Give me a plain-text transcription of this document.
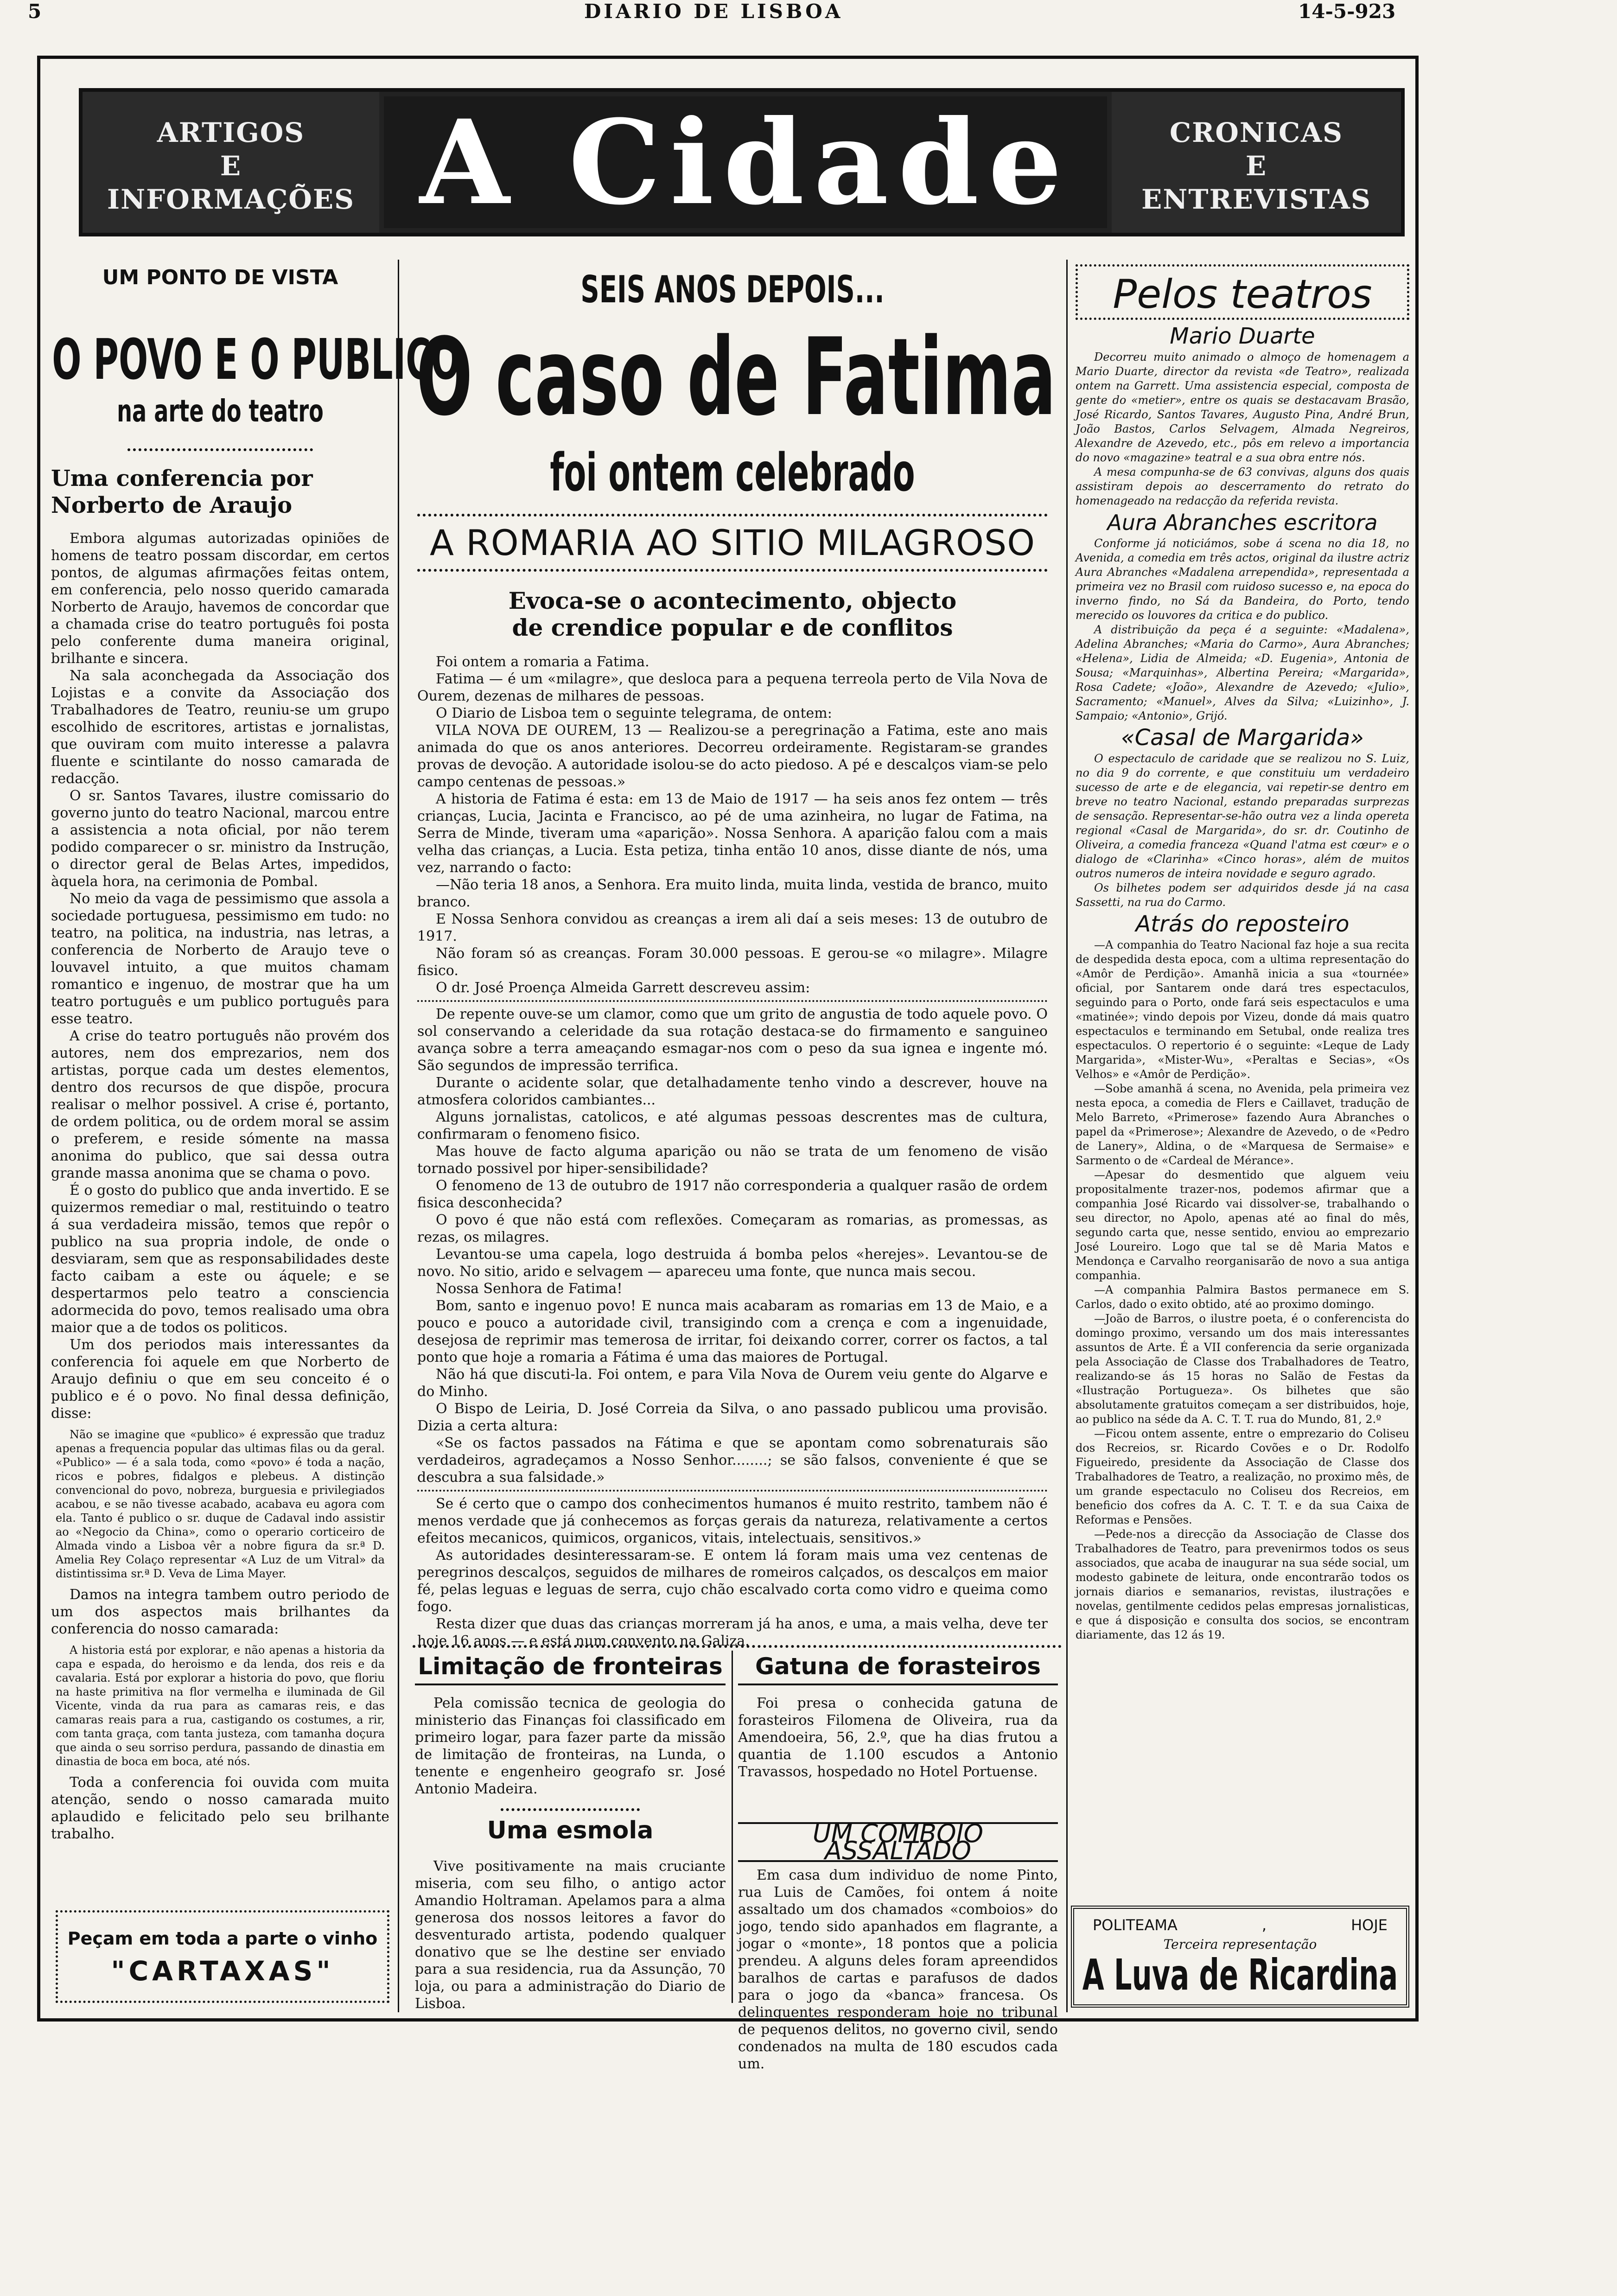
5	DIARIO DE LISBOA	14-5-923
ARTIGOS
E
INFORMAÇÕES A Cidade	CRONICAS
E
ENTREVISTAS
UM PONTO DE VISTA
O POVO E O PUBLICO
na arte do teatro
Uma conferencia por Norberto de Araujo

Embora algumas autorizadas opiniões de homens de teatro possam discordar, em certos pontos, de algumas afirmações feitas ontem, em conferencia, pelo nosso querido camarada Norberto de Araujo, havemos de concordar que a chamada crise do teatro português foi posta pelo conferente duma maneira original, brilhante e sincera.

Na sala aconchegada da Associação dos Lojistas e a convite da Associação dos Trabalhadores de Teatro, reuniu-se um grupo escolhido de escritores, artistas e jornalistas, que ouviram com muito interesse a palavra fluente e scintilante do nosso camarada de redacção.

O sr. Santos Tavares, ilustre comissario do governo junto do teatro Nacional, marcou entre a assistencia a nota oficial, por não terem podido comparecer o sr. ministro da Instrução, o director geral de Belas Artes, impedidos, àquela hora, na cerimonia de Pombal.

No meio da vaga de pessimismo que assola a sociedade portuguesa, pessimismo em tudo: no teatro, na politica, na industria, nas letras, a conferencia de Norberto de Araujo teve o louvavel intuito, a que muitos chamam romantico e ingenuo, de mostrar que ha um teatro português e um publico português para esse teatro.

A crise do teatro português não provém dos autores, nem dos emprezarios, nem dos artistas, porque cada um destes elementos, dentro dos recursos de que dispõe, procura realisar o melhor possivel. A crise é, portanto, de ordem politica, ou de ordem moral se assim o preferem, e reside sómente na massa anonima do publico, que sai dessa outra grande massa anonima que se chama o povo.

É o gosto do publico que anda invertido. E se quizermos remediar o mal, restituindo o teatro á sua verdadeira missão, temos que repôr o publico na sua propria indole, de onde o desviaram, sem que as responsabilidades deste facto caibam a este ou áquele; e se despertarmos pelo teatro a consciencia adormecida do povo, temos realisado uma obra maior que a de todos os politicos.

Um dos periodos mais interessantes da conferencia foi aquele em que Norberto de Araujo definiu o que em seu conceito é o publico e é o povo. No final dessa definição, disse:

Não se imagine que «publico» é expressão que traduz apenas a frequencia popular das ultimas filas ou da geral. «Publico» — é a sala toda, como «povo» é toda a nação, ricos e pobres, fidalgos e plebeus. A distinção convencional do povo, nobreza, burguesia e privilegiados acabou, e se não tivesse acabado, acabava eu agora com ela. Tanto é publico o sr. duque de Cadaval indo assistir ao «Negocio da China», como o operario corticeiro de Almada vindo a Lisboa vêr a nobre figura da sr.ª D. Amelia Rey Colaço representar «A Luz de um Vitral» da distintissima sr.ª D. Veva de Lima Mayer.

Damos na integra tambem outro periodo de um dos aspectos mais brilhantes da conferencia do nosso camarada:

A historia está por explorar, e não apenas a historia da capa e espada, do heroismo e da lenda, dos reis e da cavalaria. Está por explorar a historia do povo, que floriu na haste primitiva na flor vermelha e iluminada de Gil Vicente, vinda da rua para as camaras reis, e das camaras reais para a rua, castigando os costumes, a rir, com tanta graça, com tanta justeza, com tamanha doçura que ainda o seu sorriso perdura, passando de dinastia em dinastia de boca em boca, até nós.

Toda a conferencia foi ouvida com muita atenção, sendo o nosso camarada muito aplaudido e felicitado pelo seu brilhante trabalho.

Peçam em toda a parte o vinho
"CARTAXAS"
SEIS ANOS DEPOIS...
O caso de Fatima
foi ontem celebrado
A ROMARIA AO SITIO MILAGROSO
Evoca-se o acontecimento, objecto de crendice popular e de conflitos

Foi ontem a romaria a Fatima.

Fatima — é um «milagre», que desloca para a pequena terreola perto de Vila Nova de Ourem, dezenas de milhares de pessoas.

O Diario de Lisboa tem o seguinte telegrama, de ontem:

VILA NOVA DE OUREM, 13 — Realizou-se a peregrinação a Fatima, este ano mais animada do que os anos anteriores. Decorreu ordeiramente. Registaram-se grandes provas de devoção. A autoridade isolou-se do acto piedoso. A pé e descalços viam-se pelo campo centenas de pessoas.»

A historia de Fatima é esta: em 13 de Maio de 1917 — ha seis anos fez ontem — três crianças, Lucia, Jacinta e Francisco, ao pé de uma azinheira, no lugar de Fatima, na Serra de Minde, tiveram uma «aparição». Nossa Senhora. A aparição falou com a mais velha das crianças, a Lucia. Esta petiza, tinha então 10 anos, disse diante de nós, uma vez, narrando o facto:

—Não teria 18 anos, a Senhora. Era muito linda, muita linda, vestida de branco, muito branco.

E Nossa Senhora convidou as creanças a irem ali daí a seis meses: 13 de outubro de 1917.

Não foram só as creanças. Foram 30.000 pessoas. E gerou-se «o milagre». Milagre fisico.

O dr. José Proença Almeida Garrett descreveu assim:

De repente ouve-se um clamor, como que um grito de angustia de todo aquele povo. O sol conservando a celeridade da sua rotação destaca-se do firmamento e sanguineo avança sobre a terra ameaçando esmagar-nos com o peso da sua ignea e ingente mó. São segundos de impressão terrifica.

Durante o acidente solar, que detalhadamente tenho vindo a descrever, houve na atmosfera coloridos cambiantes...

Alguns jornalistas, catolicos, e até algumas pessoas descrentes mas de cultura, confirmaram o fenomeno fisico.

Mas houve de facto alguma aparição ou não se trata de um fenomeno de visão tornado possivel por hiper-sensibilidade?

O fenomeno de 13 de outubro de 1917 não corresponderia a qualquer rasão de ordem fisica desconhecida?

O povo é que não está com reflexões. Começaram as romarias, as promessas, as rezas, os milagres.

Levantou-se uma capela, logo destruida á bomba pelos «herejes». Levantou-se de novo. No sitio, arido e selvagem — apareceu uma fonte, que nunca mais secou.

Nossa Senhora de Fatima!

Bom, santo e ingenuo povo! E nunca mais acabaram as romarias em 13 de Maio, e a pouco e pouco a autoridade civil, transigindo com a crença e com a ingenuidade, desejosa de reprimir mas temerosa de irritar, foi deixando correr, correr os factos, a tal ponto que hoje a romaria a Fátima é uma das maiores de Portugal.

Não há que discuti-la. Foi ontem, e para Vila Nova de Ourem veiu gente do Algarve e do Minho.

O Bispo de Leiria, D. José Correia da Silva, o ano passado publicou uma provisão. Dizia a certa altura:

«Se os factos passados na Fátima e que se apontam como sobrenaturais são verdadeiros, agradeçamos a Nosso Senhor........; se são falsos, conveniente é que se descubra a sua falsidade.»

Se é certo que o campo dos conhecimentos humanos é muito restrito, tambem não é menos verdade que já conhecemos as forças gerais da natureza, relativamente a certos efeitos mecanicos, quimicos, organicos, vitais, intelectuais, sensitivos.»

As autoridades desinteressaram-se. E ontem lá foram mais uma vez centenas de peregrinos descalços, seguidos de milhares de romeiros calçados, os descalços em maior fé, pelas leguas e leguas de serra, cujo chão escalvado corta como vidro e queima como fogo.

Resta dizer que duas das crianças morreram já ha anos, e uma, a mais velha, deve ter hoje 16 anos — e está num convento na Galiza.

Limitação de fronteiras

Pela comissão tecnica de geologia do ministerio das Finanças foi classificado em primeiro logar, para fazer parte da missão de limitação de fronteiras, na Lunda, o tenente e engenheiro geografo sr. José Antonio Madeira.

Uma esmola

Vive positivamente na mais cruciante miseria, com seu filho, o antigo actor Amandio Holtraman. Apelamos para a alma generosa dos nossos leitores a favor do desventurado artista, podendo qualquer donativo que se lhe destine ser enviado para a sua residencia, rua da Assunção, 70 loja, ou para a administração do Diario de Lisboa.

Gatuna de forasteiros

Foi presa o conhecida gatuna de forasteiros Filomena de Oliveira, rua da Amendoeira, 56, 2.º, que ha dias frutou a quantia de 1.100 escudos a Antonio Travassos, hospedado no Hotel Portuense.

UM COMBOIO ASSALTADO

Em casa dum individuo de nome Pinto, rua Luis de Camões, foi ontem á noite assaltado um dos chamados «comboios» do jogo, tendo sido apanhados em flagrante, a jogar o «monte», 18 pontos que a policia prendeu. A alguns deles foram apreendidos baralhos de cartas e parafusos de dados para o jogo da «banca» francesa. Os delinquentes responderam hoje no tribunal de pequenos delitos, no governo civil, sendo condenados na multa de 180 escudos cada um.

Pelos teatros
Mario Duarte

Decorreu muito animado o almoço de homenagem a Mario Duarte, director da revista «de Teatro», realizada ontem na Garrett. Uma assistencia especial, composta de gente do «metier», entre os quais se destacavam Brasão, José Ricardo, Santos Tavares, Augusto Pina, André Brun, João Bastos, Carlos Selvagem, Almada Negreiros, Alexandre de Azevedo, etc., pôs em relevo a importancia do novo «magazine» teatral e a sua obra entre nós.

A mesa compunha-se de 63 convivas, alguns dos quais assistiram depois ao descerramento do retrato do homenageado na redacção da referida revista.

Aura Abranches escritora

Conforme já noticiámos, sobe á scena no dia 18, no Avenida, a comedia em três actos, original da ilustre actriz Aura Abranches «Madalena arrependida», representada a primeira vez no Brasil com ruidoso sucesso e, na epoca do inverno findo, no Sá da Bandeira, do Porto, tendo merecido os louvores da critica e do publico.

A distribuição da peça é a seguinte: «Madalena», Adelina Abranches; «Maria do Carmo», Aura Abranches; «Helena», Lidia de Almeida; «D. Eugenia», Antonia de Sousa; «Marquinhas», Albertina Pereira; «Margarida», Rosa Cadete; «João», Alexandre de Azevedo; «Julio», Sacramento; «Manuel», Alves da Silva; «Luizinho», J. Sampaio; «Antonio», Grijó.

«Casal de Margarida»

O espectaculo de caridade que se realizou no S. Luiz, no dia 9 do corrente, e que constituiu um verdadeiro sucesso de arte e de elegancia, vai repetir-se dentro em breve no teatro Nacional, estando preparadas surprezas de sensação. Representar-se-hão outra vez a linda opereta regional «Casal de Margarida», do sr. dr. Coutinho de Oliveira, a comedia franceza «Quand l'atma est cœur» e o dialogo de «Clarinha» «Cinco horas», além de muitos outros numeros de inteira novidade e seguro agrado.

Os bilhetes podem ser adquiridos desde já na casa Sassetti, na rua do Carmo.

Atrás do reposteiro

—A companhia do Teatro Nacional faz hoje a sua recita de despedida desta epoca, com a ultima representação do «Amôr de Perdição». Amanhã inicia a sua «tournée» oficial, por Santarem onde dará tres espectaculos, seguindo para o Porto, onde fará seis espectaculos e uma «matinée»; vindo depois por Vizeu, donde dá mais quatro espectaculos e terminando em Setubal, onde realiza tres espectaculos. O repertorio é o seguinte: «Leque de Lady Margarida», «Mister-Wu», «Peraltas e Secias», «Os Velhos» e «Amôr de Perdição».

—Sobe amanhã á scena, no Avenida, pela primeira vez nesta epoca, a comedia de Flers e Caillavet, tradução de Melo Barreto, «Primerose» fazendo Aura Abranches o papel da «Primerose»; Alexandre de Azevedo, o de «Pedro de Lanery», Aldina, o de «Marquesa de Sermaise» e Sarmento o de «Cardeal de Mérance».

—Apesar do desmentido que alguem veiu propositalmente trazer-nos, podemos afirmar que a companhia José Ricardo vai dissolver-se, trabalhando o seu director, no Apolo, apenas até ao final do mês, segundo carta que, nesse sentido, enviou ao emprezario José Loureiro. Logo que tal se dê Maria Matos e Mendonça e Carvalho reorganisarão de novo a sua antiga companhia.

—A companhia Palmira Bastos permanece em S. Carlos, dado o exito obtido, até ao proximo domingo.

—João de Barros, o ilustre poeta, é o conferencista do domingo proximo, versando um dos mais interessantes assuntos de Arte. É a VII conferencia da serie organizada pela Associação de Classe dos Trabalhadores de Teatro, realizando-se ás 15 horas no Salão de Festas da «Ilustração Portugueza». Os bilhetes que são absolutamente gratuitos começam a ser distribuidos, hoje, ao publico na séde da A. C. T. T. rua do Mundo, 81, 2.º

—Ficou ontem assente, entre o emprezario do Coliseu dos Recreios, sr. Ricardo Covões e o Dr. Rodolfo Figueiredo, presidente da Associação de Classe dos Trabalhadores de Teatro, a realização, no proximo mês, de um grande espectaculo no Coliseu dos Recreios, em beneficio dos cofres da A. C. T. T. e da sua Caixa de Reformas e Pensões.

—Pede-nos a direcção da Associação de Classe dos Trabalhadores de Teatro, para prevenirmos todos os seus associados, que acaba de inaugurar na sua séde social, um modesto gabinete de leitura, onde encontrarão todos os jornais diarios e semanarios, revistas, ilustrações e novelas, gentilmente cedidos pelas empresas jornalisticas, e que á disposição e consulta dos socios, se encontram diariamente, das 12 ás 19.

POLITEAMA	,	HOJE
Terceira representação
A Luva de Ricardina
